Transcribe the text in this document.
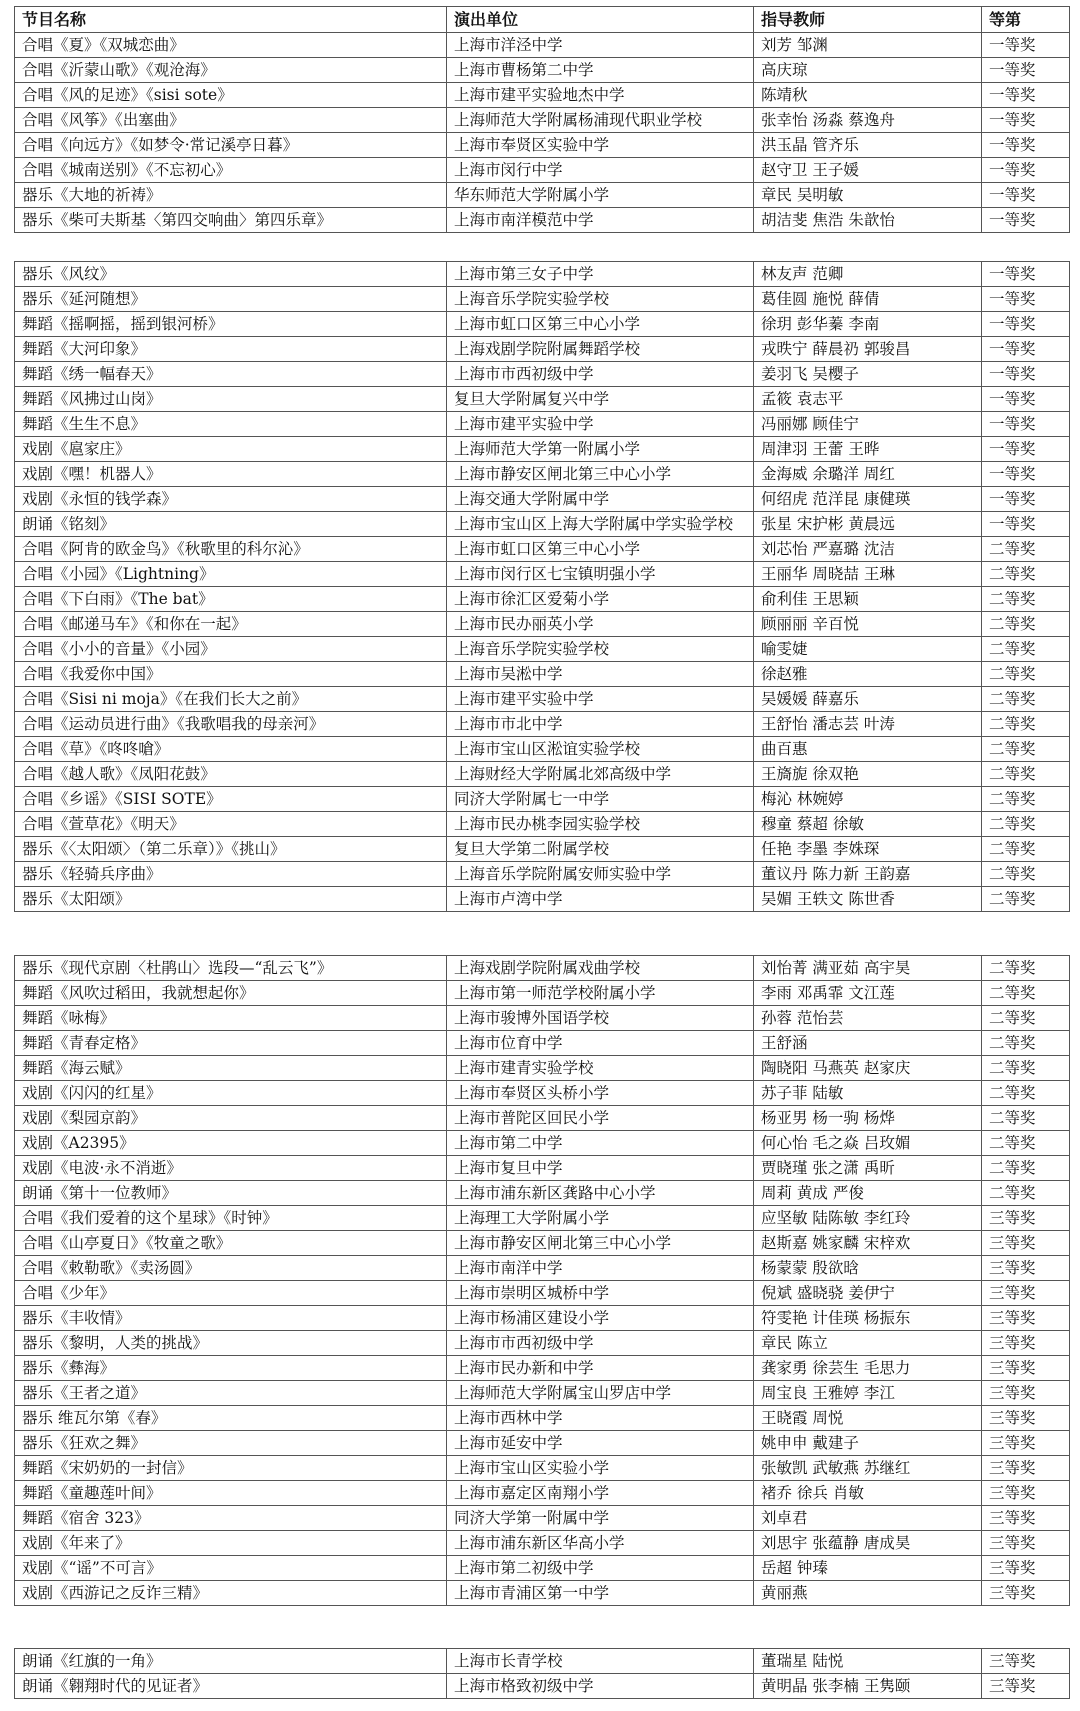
节目名称	演出单位	指导教师	等第
合唱《夏》《双城恋曲》	上海市洋泾中学	刘芳 邹渊	一等奖
合唱《沂蒙山歌》《观沧海》	上海市曹杨第二中学	高庆琼	一等奖
合唱《风的足迹》《sisi sote》	上海市建平实验地杰中学	陈靖秋	一等奖
合唱《风筝》《出塞曲》	上海师范大学附属杨浦现代职业学校	张幸怡 汤淼 蔡逸舟	一等奖
合唱《向远方》《如梦令·常记溪亭日暮》	上海市奉贤区实验中学	洪玉晶 管齐乐	一等奖
合唱《城南送别》《不忘初心》	上海市闵行中学	赵守卫 王子媛	一等奖
器乐《大地的祈祷》	华东师范大学附属小学	章民 吴明敏	一等奖
器乐《柴可夫斯基〈第四交响曲〉第四乐章》	上海市南洋模范中学	胡洁斐 焦浩 朱歆怡	一等奖
器乐《风纹》	上海市第三女子中学	林友声 范卿	一等奖
器乐《延河随想》	上海音乐学院实验学校	葛佳圆 施悦 薛倩	一等奖
舞蹈《摇啊摇，摇到银河桥》	上海市虹口区第三中心小学	徐玥 彭华蓁 李南	一等奖
舞蹈《大河印象》	上海戏剧学院附属舞蹈学校	戎昳宁 薛晨礽 郭骏昌	一等奖
舞蹈《绣一幅春天》	上海市市西初级中学	姜羽飞 吴樱子	一等奖
舞蹈《风拂过山岗》	复旦大学附属复兴中学	孟筱 袁志平	一等奖
舞蹈《生生不息》	上海市建平实验中学	冯丽娜 顾佳宁	一等奖
戏剧《扈家庄》	上海师范大学第一附属小学	周津羽 王蕾 王晔	一等奖
戏剧《嘿！机器人》	上海市静安区闸北第三中心小学	金海威 余璐洋 周红	一等奖
戏剧《永恒的钱学森》	上海交通大学附属中学	何绍虎 范洋昆 康健瑛	一等奖
朗诵《铭刻》	上海市宝山区上海大学附属中学实验学校	张星 宋护彬 黄晨远	一等奖
合唱《阿肯的欧金鸟》《秋歌里的科尔沁》	上海市虹口区第三中心小学	刘芯怡 严嘉璐 沈洁	二等奖
合唱《小园》《Lightning》	上海市闵行区七宝镇明强小学	王丽华 周晓喆 王琳	二等奖
合唱《下白雨》《The bat》	上海市徐汇区爱菊小学	俞利佳 王思颖	二等奖
合唱《邮递马车》《和你在一起》	上海市民办丽英小学	顾丽丽 辛百悦	二等奖
合唱《小小的音量》《小园》	上海音乐学院实验学校	喻雯婕	二等奖
合唱《我爱你中国》	上海市吴淞中学	徐赵雅	二等奖
合唱《Sisi ni moja》《在我们长大之前》	上海市建平实验中学	吴媛媛 薛嘉乐	二等奖
合唱《运动员进行曲》《我歌唱我的母亲河》	上海市市北中学	王舒怡 潘志芸 叶涛	二等奖
合唱《草》《咚咚嗆》	上海市宝山区淞谊实验学校	曲百惠	二等奖
合唱《越人歌》《凤阳花鼓》	上海财经大学附属北郊高级中学	王旖旎 徐双艳	二等奖
合唱《乡谣》《SISI SOTE》	同济大学附属七一中学	梅沁 林婉婷	二等奖
合唱《萱草花》《明天》	上海市民办桃李园实验学校	穆童 蔡超 徐敏	二等奖
器乐《〈太阳颂〉（第二乐章）》《挑山》	复旦大学第二附属学校	任艳 李墨 李姝琛	二等奖
器乐《轻骑兵序曲》	上海音乐学院附属安师实验中学	董议丹 陈力新 王韵嘉	二等奖
器乐《太阳颂》	上海市卢湾中学	吴媚 王轶文 陈世香	二等奖
器乐《现代京剧〈杜鹃山〉选段—“乱云飞”》	上海戏剧学院附属戏曲学校	刘怡菁 满亚茹 高宇昊	二等奖
舞蹈《风吹过稻田，我就想起你》	上海市第一师范学校附属小学	李雨 邓禹霏 文江莲	二等奖
舞蹈《咏梅》	上海市骏博外国语学校	孙蓉 范怡芸	二等奖
舞蹈《青春定格》	上海市位育中学	王舒涵	二等奖
舞蹈《海云赋》	上海市建青实验学校	陶晓阳 马燕英 赵家庆	二等奖
戏剧《闪闪的红星》	上海市奉贤区头桥小学	苏子菲 陆敏	二等奖
戏剧《梨园京韵》	上海市普陀区回民小学	杨亚男 杨一驹 杨烨	二等奖
戏剧《A2395》	上海市第二中学	何心怡 毛之焱 吕玫媚	二等奖
戏剧《电波·永不消逝》	上海市复旦中学	贾晓瑾 张之潇 禹昕	二等奖
朗诵《第十一位教师》	上海市浦东新区龚路中心小学	周莉 黄成 严俊	二等奖
合唱《我们爱着的这个星球》《时钟》	上海理工大学附属小学	应坚敏 陆陈敏 李红玲	三等奖
合唱《山亭夏日》《牧童之歌》	上海市静安区闸北第三中心小学	赵斯嘉 姚家麟 宋梓欢	三等奖
合唱《敕勒歌》《卖汤圆》	上海市南洋中学	杨蒙蒙 殷欲晗	三等奖
合唱《少年》	上海市崇明区城桥中学	倪斌 盛晓骁 姜伊宁	三等奖
器乐《丰收情》	上海市杨浦区建设小学	符雯艳 计佳瑛 杨振东	三等奖
器乐《黎明，人类的挑战》	上海市市西初级中学	章民 陈立	三等奖
器乐《彝海》	上海市民办新和中学	龚家勇 徐芸生 毛思力	三等奖
器乐《王者之道》	上海师范大学附属宝山罗店中学	周宝良 王雅婷 李江	三等奖
器乐 维瓦尔第《春》	上海市西林中学	王晓霞 周悦	三等奖
器乐《狂欢之舞》	上海市延安中学	姚申申 戴建子	三等奖
舞蹈《宋奶奶的一封信》	上海市宝山区实验小学	张敏凯 武敏燕 苏继红	三等奖
舞蹈《童趣莲叶间》	上海市嘉定区南翔小学	褚乔 徐兵 肖敏	三等奖
舞蹈《宿舍 323》	同济大学第一附属中学	刘卓君	三等奖
戏剧《年来了》	上海市浦东新区华高小学	刘思宇 张蕴静 唐成昊	三等奖
戏剧《“谣”不可言》	上海市第二初级中学	岳超 钟瑧	三等奖
戏剧《西游记之反诈三精》	上海市青浦区第一中学	黄丽燕	三等奖
朗诵《红旗的一角》	上海市长青学校	董瑞星 陆悦	三等奖
朗诵《翱翔时代的见证者》	上海市格致初级中学	黄明晶 张李楠 王隽颐	三等奖
